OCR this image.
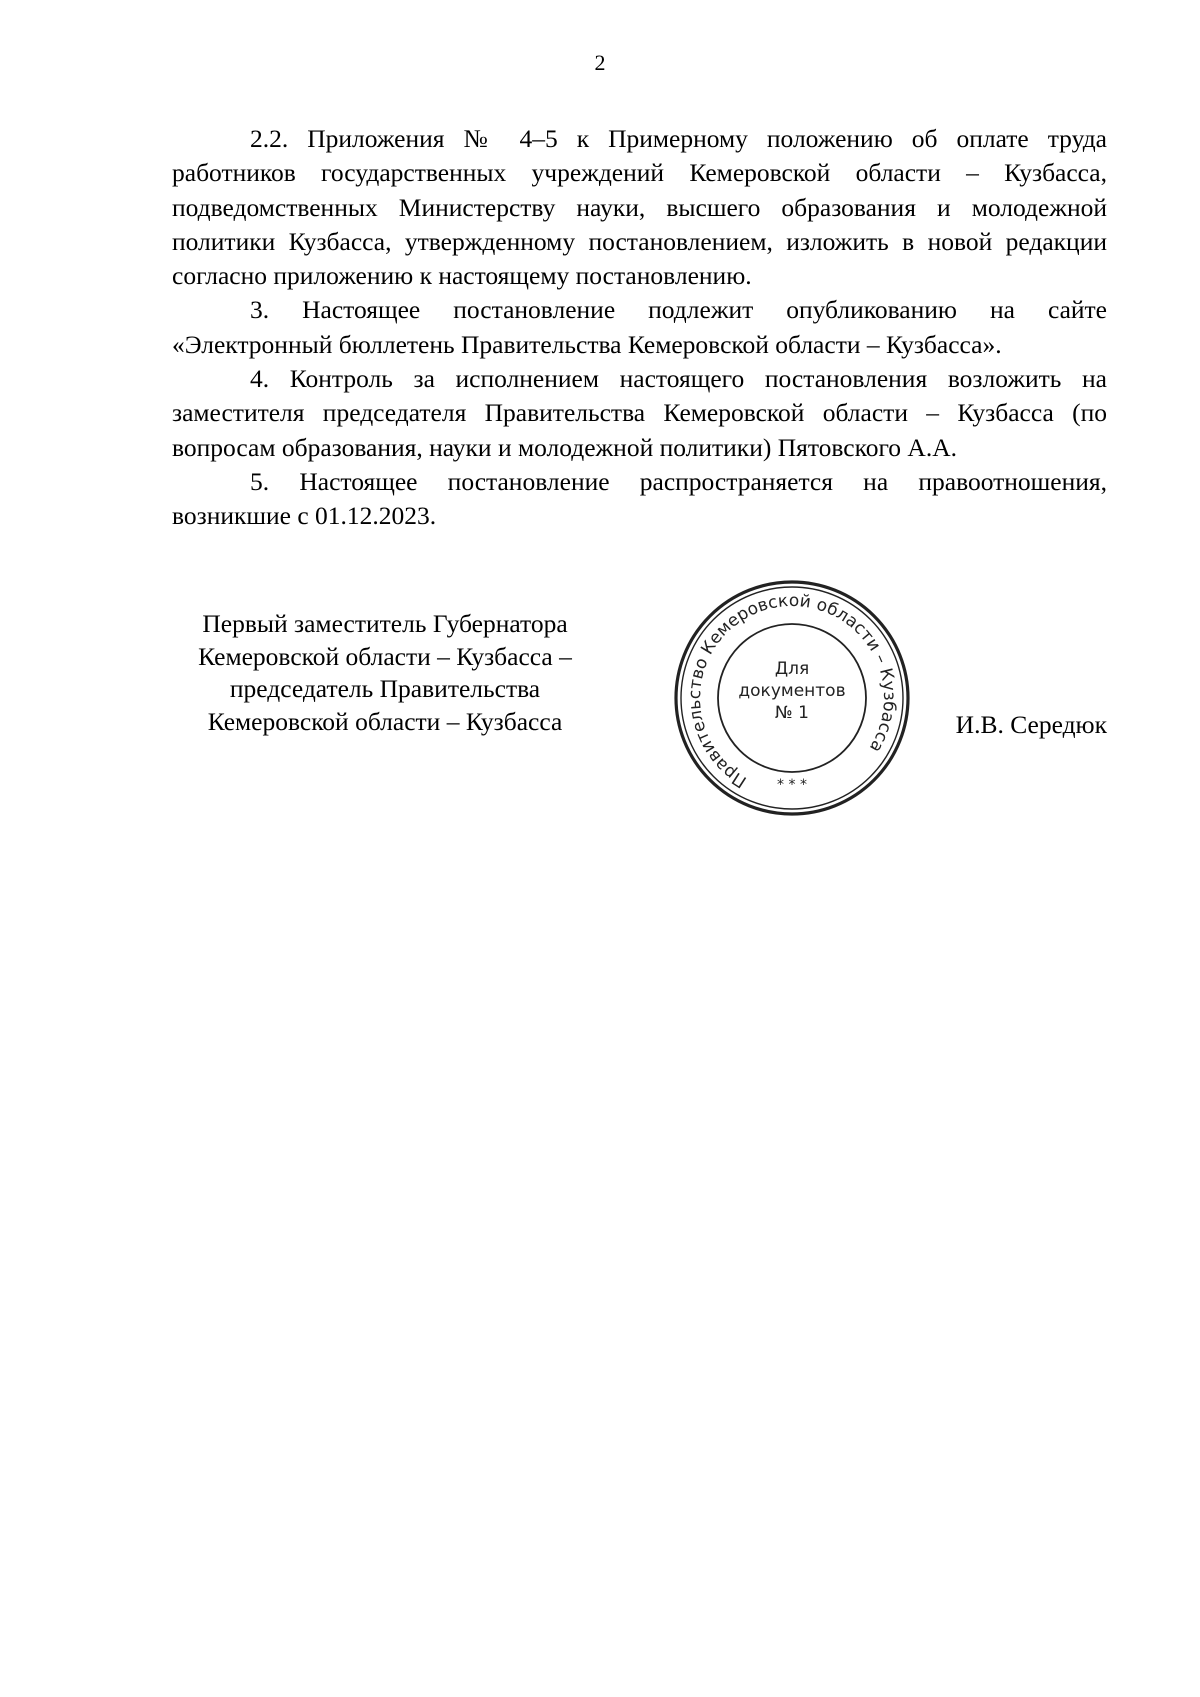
2

2.2. Приложения № 4–5 к Примерному положению об оплате труда работников государственных учреждений Кемеровской области – Кузбасса, подведомственных Министерству науки, высшего образования и молодежной политики Кузбасса, утвержденному постановлением, изложить в новой редакции согласно приложению к настоящему постановлению.

3. Настоящее постановление подлежит опубликованию на сайте «Электронный бюллетень Правительства Кемеровской области – Кузбасса».

4. Контроль за исполнением настоящего постановления возложить на заместителя председателя Правительства Кемеровской области – Кузбасса (по вопросам образования, науки и молодежной политики) Пятовского А.А.

5. Настоящее постановление распространяется на правоотношения, возникшие с 01.12.2023.

Первый заместитель Губернатора
Кемеровской области – Кузбасса –
председатель Правительства
Кемеровской области – Кузбасса
Правительство Кемеровской области – Кузбасса
* * *
Для
документов
№ 1	И.В. Середюк
